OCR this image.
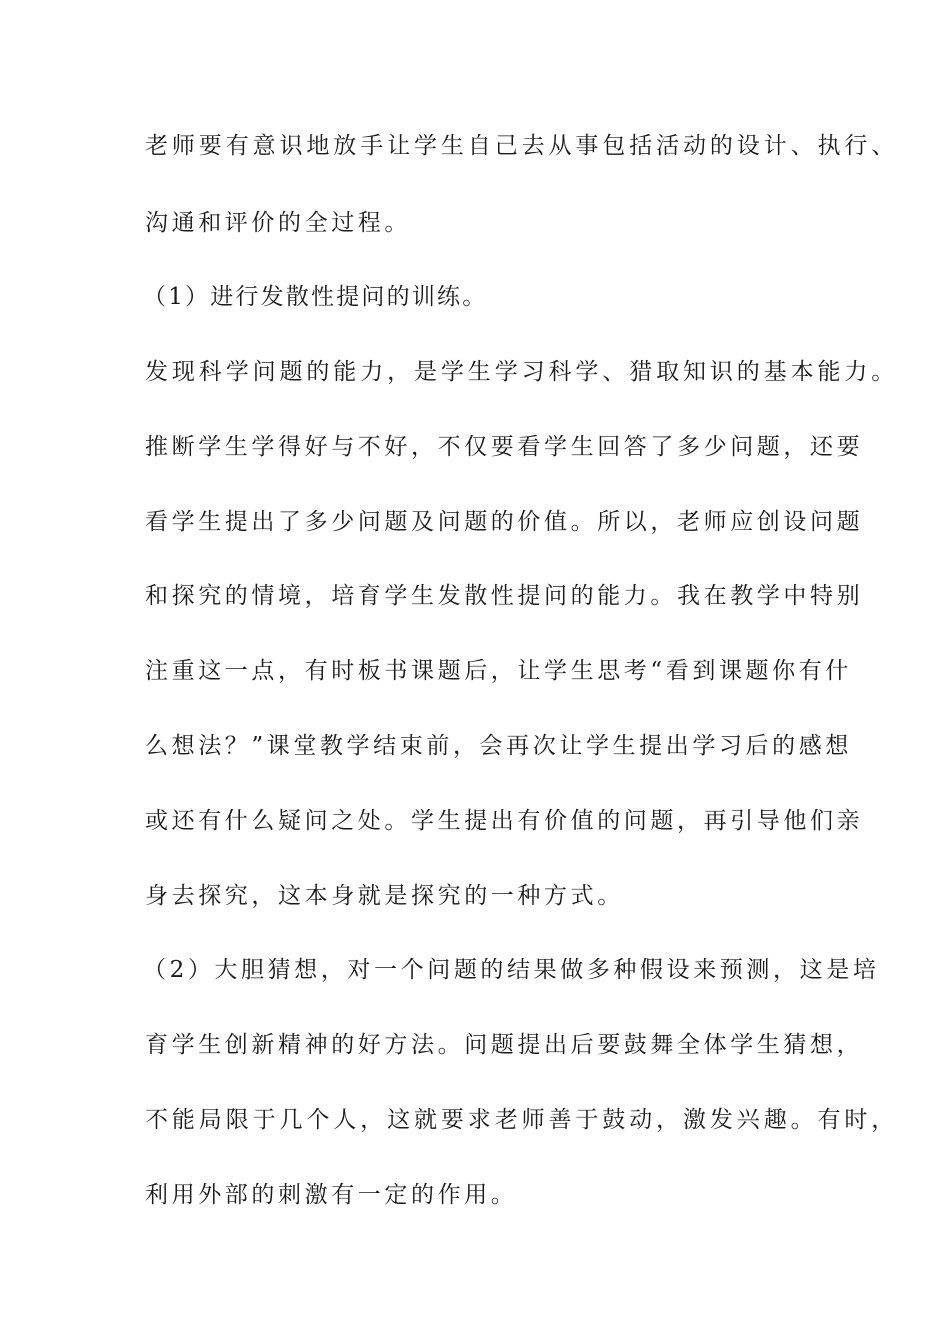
老师要有意识地放手让学生自己去从事包括活动的设计、执行、

沟通和评价的全过程。

（1）进行发散性提问的训练。

发现科学问题的能力，是学生学习科学、猎取知识的基本能力。

推断学生学得好与不好，不仅要看学生回答了多少问题，还要

看学生提出了多少问题及问题的价值。所以，老师应创设问题

和探究的情境，培育学生发散性提问的能力。我在教学中特别

注重这一点，有时板书课题后，让学生思考“看到课题你有什

么想法？”课堂教学结束前，会再次让学生提出学习后的感想

或还有什么疑问之处。学生提出有价值的问题，再引导他们亲

身去探究，这本身就是探究的一种方式。

（2）大胆猜想，对一个问题的结果做多种假设来预测，这是培

育学生创新精神的好方法。问题提出后要鼓舞全体学生猜想，

不能局限于几个人，这就要求老师善于鼓动，激发兴趣。有时，

利用外部的刺激有一定的作用。
